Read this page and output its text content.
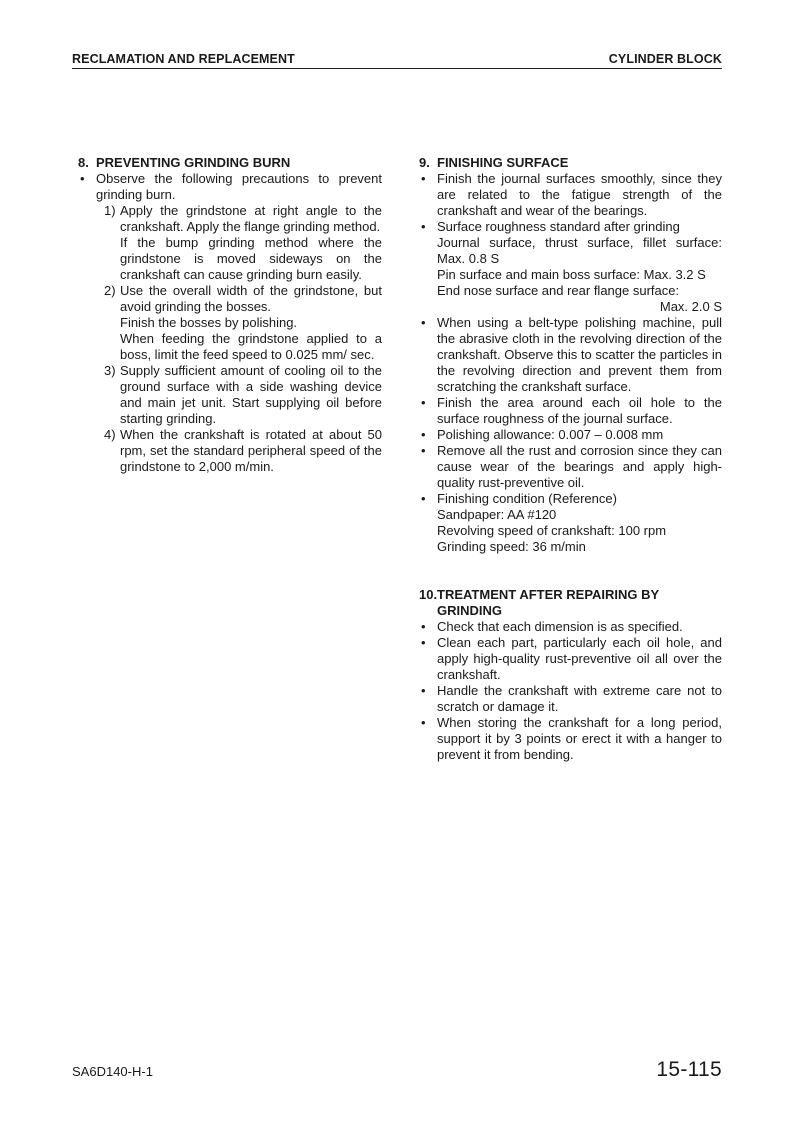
RECLAMATION AND REPLACEMENT	CYLINDER BLOCK
8. PREVENTING GRINDING BURN
• Observe the following precautions to prevent grinding burn.
1) Apply the grindstone at right angle to the crankshaft. Apply the flange grinding method.
If the bump grinding method where the grindstone is moved sideways on the crankshaft can cause grinding burn easily.
2) Use the overall width of the grindstone, but avoid grinding the bosses.
Finish the bosses by polishing.
When feeding the grindstone applied to a boss, limit the feed speed to 0.025 mm/ sec.
3) Supply sufficient amount of cooling oil to the ground surface with a side washing device and main jet unit. Start supplying oil before starting grinding.
4) When the crankshaft is rotated at about 50 rpm, set the standard peripheral speed of the grindstone to 2,000 m/min.
9. FINISHING SURFACE
• Finish the journal surfaces smoothly, since they are related to the fatigue strength of the crankshaft and wear of the bearings.
• Surface roughness standard after grinding
Journal surface, thrust surface, fillet surface: Max. 0.8 S
Pin surface and main boss surface: Max. 3.2 S
End nose surface and rear flange surface:
Max. 2.0 S
• When using a belt-type polishing machine, pull the abrasive cloth in the revolving direction of the crankshaft. Observe this to scatter the particles in the revolving direction and prevent them from scratching the crankshaft surface.
• Finish the area around each oil hole to the surface roughness of the journal surface.
• Polishing allowance: 0.007 – 0.008 mm
• Remove all the rust and corrosion since they can cause wear of the bearings and apply high-quality rust-preventive oil.
• Finishing condition (Reference)
Sandpaper: AA #120
Revolving speed of crankshaft: 100 rpm
Grinding speed: 36 m/min
10. TREATMENT AFTER REPAIRING BY GRINDING
• Check that each dimension is as specified.
• Clean each part, particularly each oil hole, and apply high-quality rust-preventive oil all over the crankshaft.
• Handle the crankshaft with extreme care not to scratch or damage it.
• When storing the crankshaft for a long period, support it by 3 points or erect it with a hanger to prevent it from bending.
SA6D140-H-1	15-115
